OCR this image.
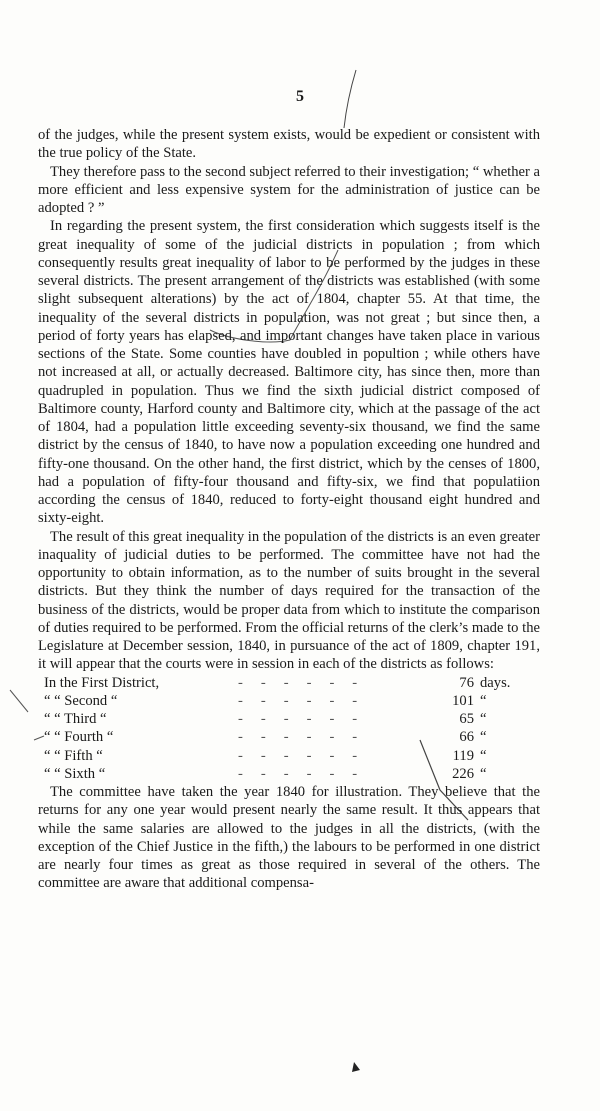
5

of the judges, while the present system exists, would be expedient or consistent with the true policy of the State.

They therefore pass to the second subject referred to their investigation; “ whether a more efficient and less expensive system for the administration of justice can be adopted ? ”

In regarding the present system, the first consideration which suggests itself is the great inequality of some of the judicial districts in population ; from which consequently results great inequality of labor to be performed by the judges in these several districts. The present arrangement of the districts was established (with some slight subsequent alterations) by the act of 1804, chapter 55. At that time, the inequality of the several districts in population, was not great ; but since then, a period of forty years has elapsed, and important changes have taken place in various sections of the State. Some counties have doubled in popultion ; while others have not increased at all, or actually decreased. Baltimore city, has since then, more than quadrupled in population. Thus we find the sixth judicial district composed of Baltimore county, Harford county and Baltimore city, which at the passage of the act of 1804, had a population little exceeding seventy-six thousand, we find the same district by the census of 1840, to have now a population exceeding one hundred and fifty-one thousand. On the other hand, the first district, which by the censes of 1800, had a population of fifty-four thousand and fifty-six, we find that populatiion according the census of 1840, reduced to forty-eight thousand eight hundred and sixty-eight.

The result of this great inequality in the population of the districts is an even greater inaquality of judicial duties to be performed. The committee have not had the opportunity to obtain information, as to the number of suits brought in the several districts. But they think the number of days required for the transaction of the business of the districts, would be proper data from which to institute the comparison of duties required to be performed. From the official returns of the clerk’s made to the Legislature at December session, 1840, in pursuance of the act of 1809, chapter 191, it will appear that the courts were in session in each of the districts as follows:

In the First District,	------	76 days.
“ “ Second “	------	101 “
“ “ Third “	------	65 “
“ “ Fourth “	------	66 “
“ “ Fifth “	------	119 “
“ “ Sixth “	------	226 “

The committee have taken the year 1840 for illustration. They believe that the returns for any one year would present nearly the same result. It thus appears that while the same salaries are allowed to the judges in all the districts, (with the exception of the Chief Justice in the fifth,) the labours to be performed in one district are nearly four times as great as those required in several of the others. The committee are aware that additional compensa-
